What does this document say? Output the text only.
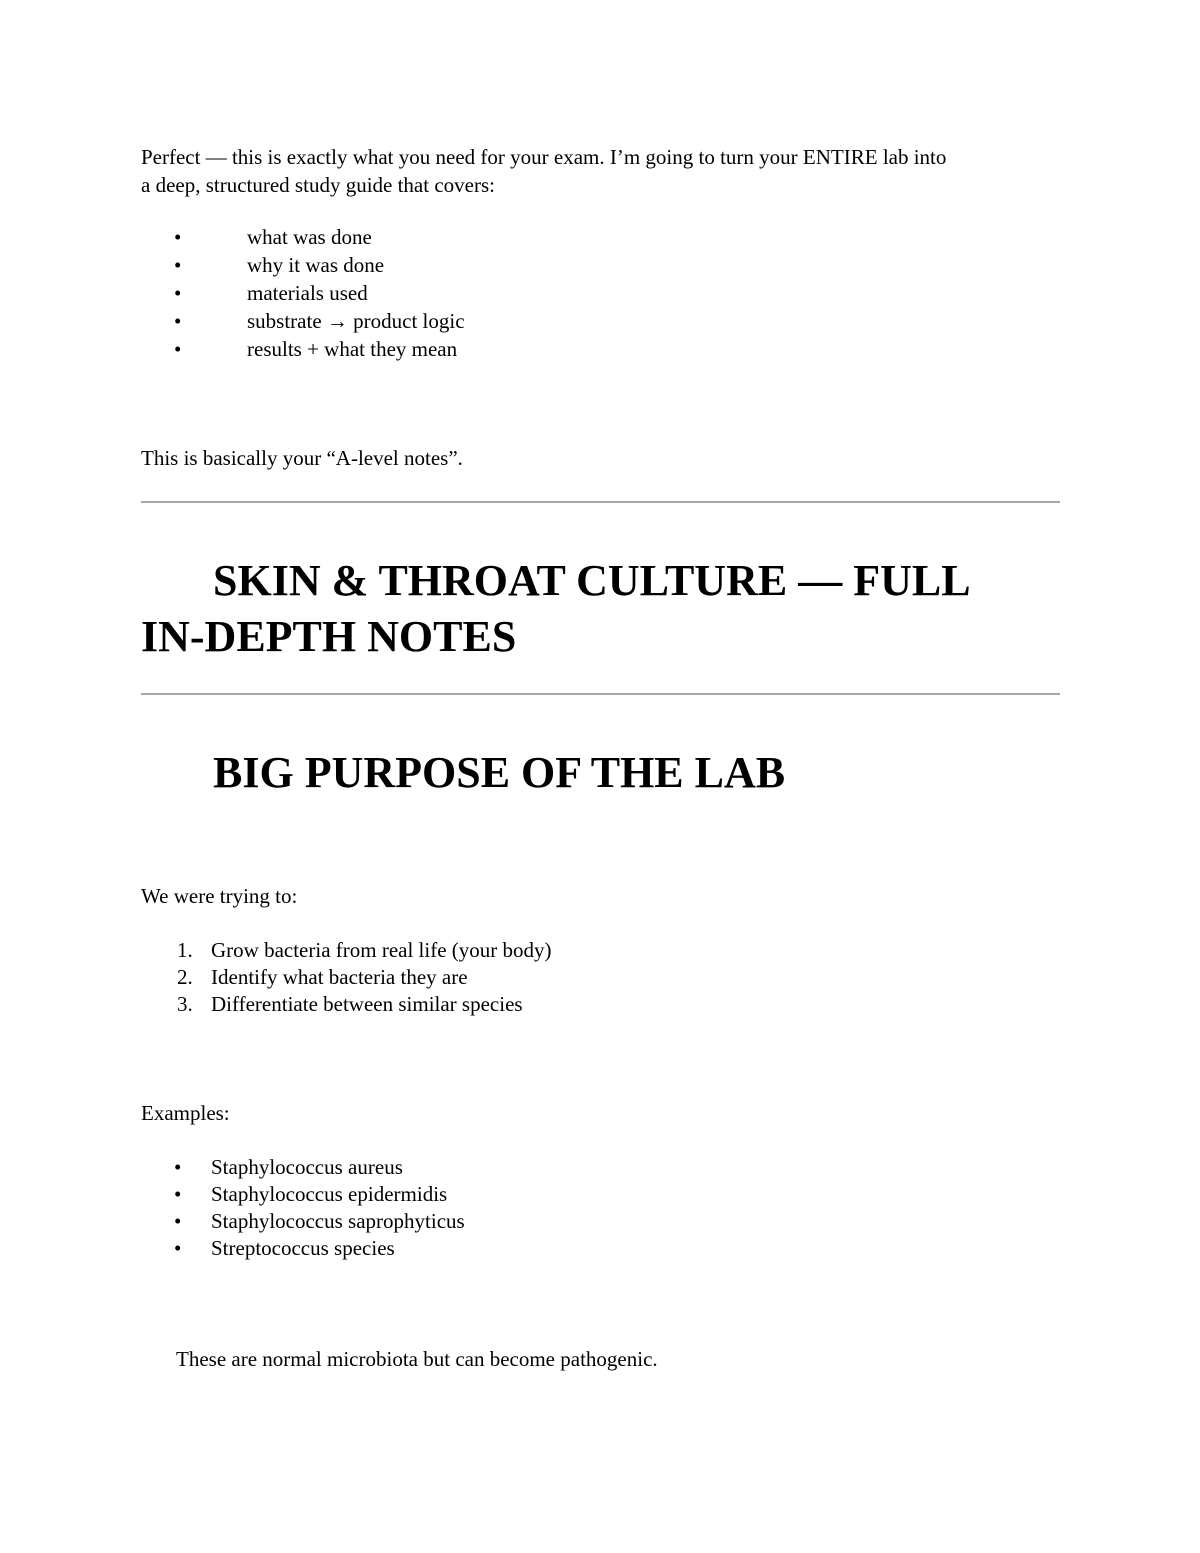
Perfect — this is exactly what you need for your exam. I’m going to turn your ENTIRE lab into
a deep, structured study guide that covers:
•	what was done
•	why it was done
•	materials used
•	substrate → product logic
•	results + what they mean

This is basically your “A-level notes”.

SKIN & THROAT CULTURE — FULL
IN-DEPTH NOTES
BIG PURPOSE OF THE LAB

We were trying to:

1. Grow bacteria from real life (your body)
2. Identify what bacteria they are
3. Differentiate between similar species

Examples:

• Staphylococcus aureus
• Staphylococcus epidermidis
• Staphylococcus saprophyticus
• Streptococcus species

These are normal microbiota but can become pathogenic.
